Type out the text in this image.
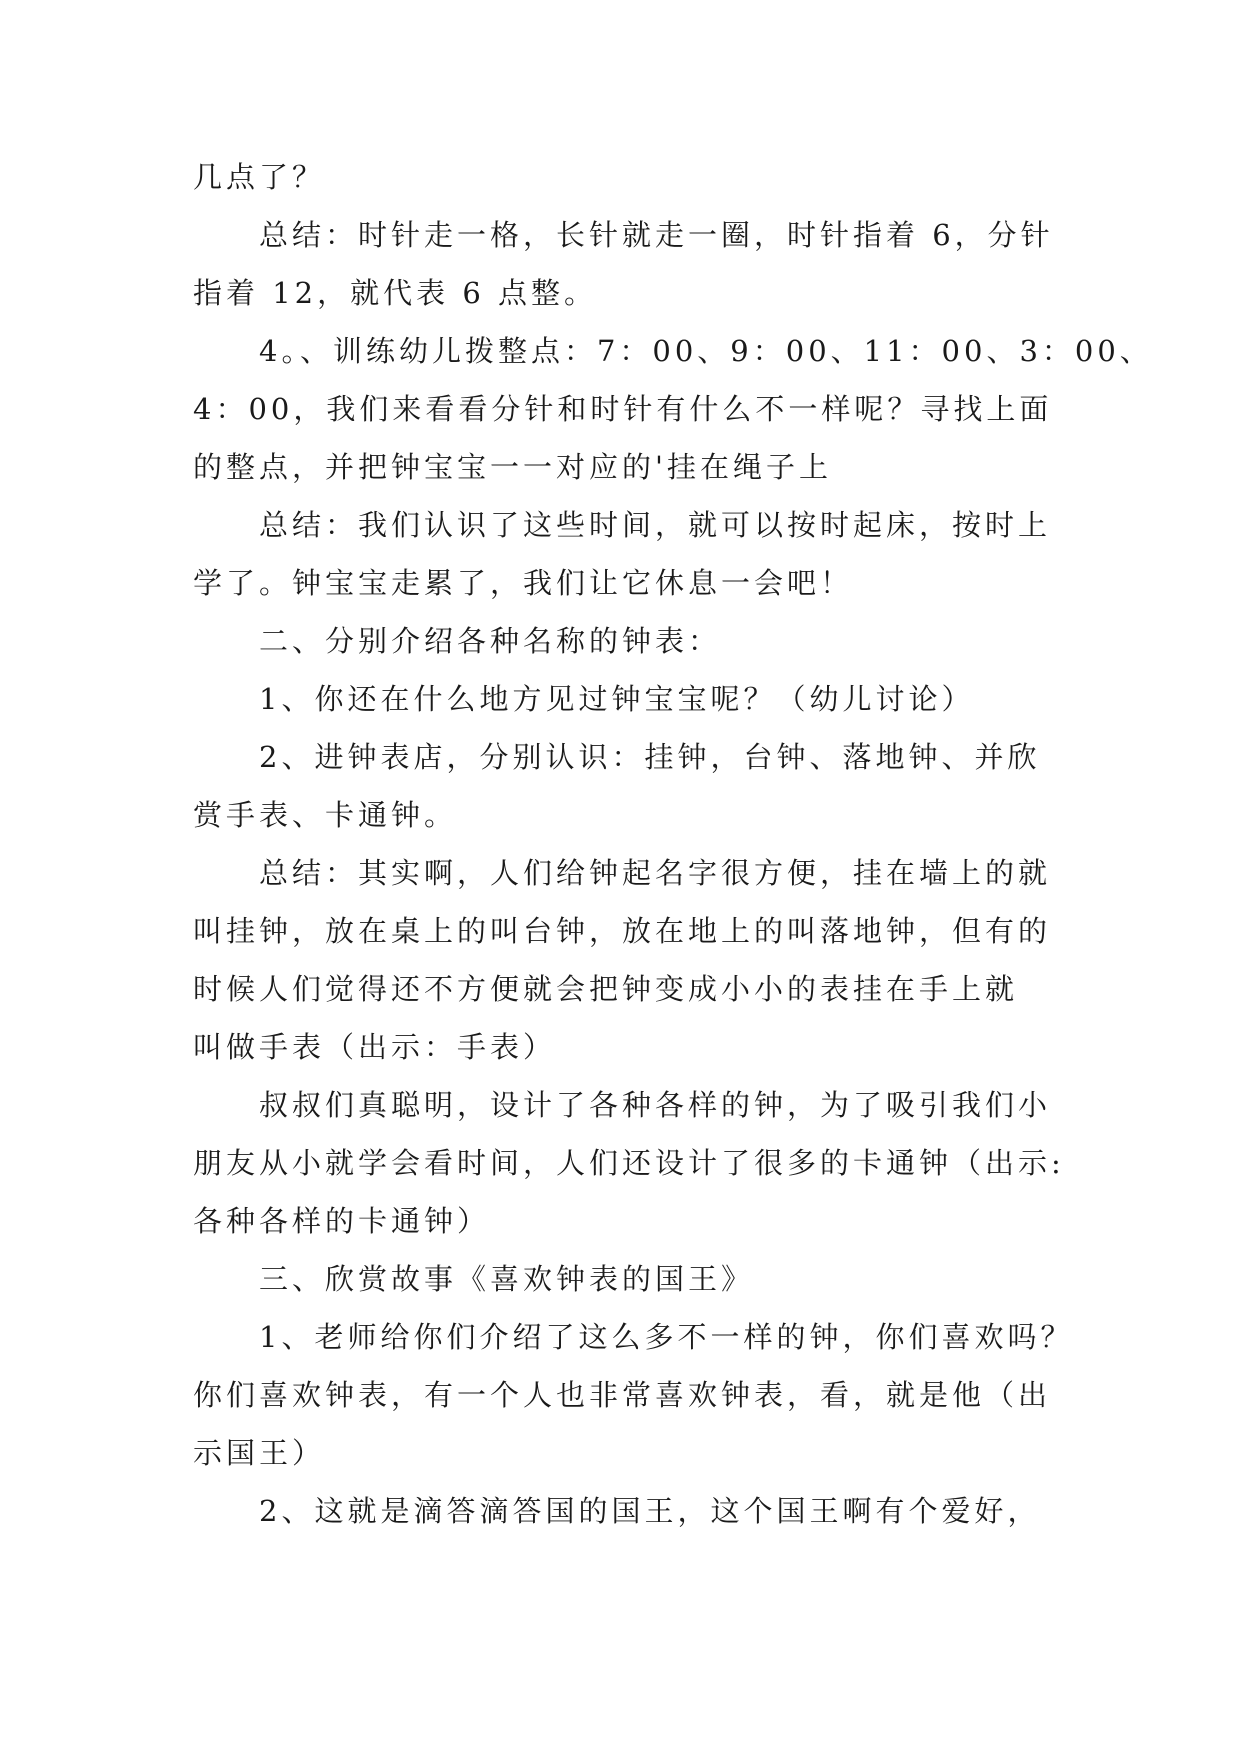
几点了？

总结：时针走一格，长针就走一圈，时针指着 6，分针
指着 12，就代表 6 点整。

4。、训练幼儿拨整点：7：00、9：00、11：00、3：00、
4：00，我们来看看分针和时针有什么不一样呢？寻找上面
的整点，并把钟宝宝一一对应的'挂在绳子上

总结：我们认识了这些时间，就可以按时起床，按时上
学了。钟宝宝走累了，我们让它休息一会吧！

二、分别介绍各种名称的钟表：

1、你还在什么地方见过钟宝宝呢？（幼儿讨论）

2、进钟表店，分别认识：挂钟，台钟、落地钟、并欣
赏手表、卡通钟。

总结：其实啊，人们给钟起名字很方便，挂在墙上的就
叫挂钟，放在桌上的叫台钟，放在地上的叫落地钟，但有的
时候人们觉得还不方便就会把钟变成小小的表挂在手上就
叫做手表（出示：手表）

叔叔们真聪明，设计了各种各样的钟，为了吸引我们小
朋友从小就学会看时间，人们还设计了很多的卡通钟（出示:
各种各样的卡通钟）

三、欣赏故事《喜欢钟表的国王》

1、老师给你们介绍了这么多不一样的钟，你们喜欢吗？
你们喜欢钟表，有一个人也非常喜欢钟表，看，就是他（出
示国王）

2、这就是滴答滴答国的国王，这个国王啊有个爱好，
